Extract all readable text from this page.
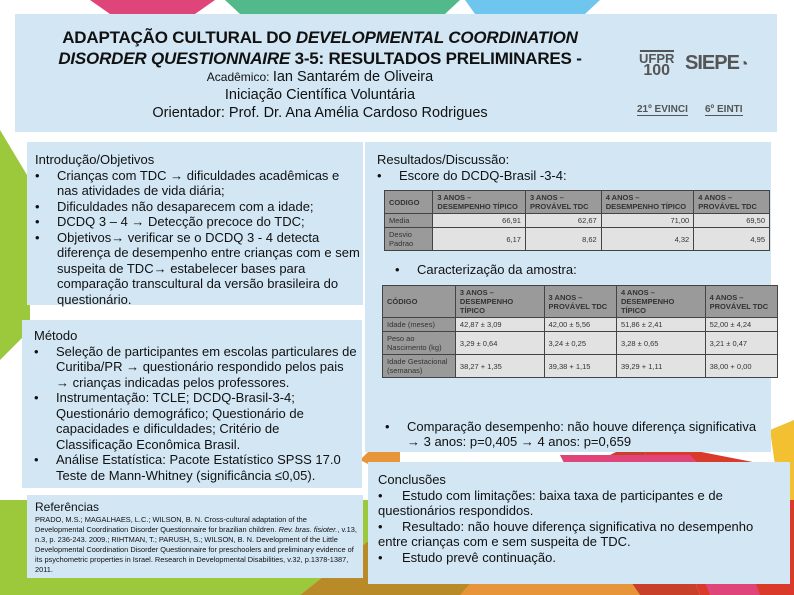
ADAPTAÇÃO CULTURAL DO DEVELOPMENTAL COORDINATION
DISORDER QUESTIONNAIRE 3-5: RESULTADOS PRELIMINARES -
Acadêmico: Ian Santarém de Oliveira
Iniciação Científica Voluntária
Orientador: Prof. Dr. Ana Amélia Cardoso Rodrigues
UFPR
100 SIEPE◔
21º EVINCI 6º EINTI
Introdução/Objetivos
•	Crianças com TDC → dificuldades acadêmicas e nas atividades de vida diária;
•	Dificuldades não desaparecem com a idade;
•	DCDQ 3 – 4 → Detecção precoce do TDC;
•	Objetivos→ verificar se o DCDQ 3 - 4 detecta diferença de desempenho entre crianças com e sem suspeita de TDC→ estabelecer bases para comparação transcultural da versão brasileira do questionário.
Método
•	Seleção de participantes em escolas particulares de Curitiba/PR → questionário respondido pelos pais → crianças indicadas pelos professores.
•	Instrumentação: TCLE; DCDQ-Brasil-3-4; Questionário demográfico; Questionário de capacidades e dificuldades; Critério de Classificação Econômica Brasil.
•	Análise Estatística: Pacote Estatístico SPSS 17.0 Teste de Mann-Whitney (significância ≤0,05).
Referências
PRADO, M.S.; MAGALHAES, L.C.; WILSON, B. N. Cross-cultural adaptation of the Developmental Coordination Disorder Questionnaire for brazilian children. Rev. bras. fisioter., v.13, n.3, p. 236-243. 2009.; RIHTMAN, T.; PARUSH, S.; WILSON, B. N. Development of the Little Developmental Coordination Disorder Questionnaire for preschoolers and preliminary evidence of its psychometric properties in Israel. Research in Developmental Disabilities, v.32, p.1378-1387, 2011.
Resultados/Discussão:
•	Escore do DCDQ-Brasil -3-4:
•	Caracterização da amostra:
•	Comparação desempenho: não houve diferença significativa
→ 3 anos: p=0,405 → 4 anos: p=0,659
CODIGO	3 ANOS – DESEMPENHO TÍPICO	3 ANOS – PROVÁVEL TDC	4 ANOS – DESEMPENHO TÍPICO	4 ANOS – PROVÁVEL TDC
Media	66,91	62,67	71,00	69,50
Desvio Padrao	6,17	8,62	4,32	4,95
CÓDIGO	3 ANOS – DESEMPENHO TÍPICO	3 ANOS – PROVÁVEL TDC	4 ANOS – DESEMPENHO TÍPICO	4 ANOS – PROVÁVEL TDC
Idade (meses)	42,87 ± 3,09	42,00 ± 5,56	51,86 ± 2,41	52,00 ± 4,24
Peso ao Nascimento (kg)	3,29 ± 0,64	3,24 ± 0,25	3,28 ± 0,65	3,21 ± 0,47
Idade Gestacional (semanas)	38,27 + 1,35	39,38 + 1,15	39,29 + 1,11	38,00 + 0,00
Conclusões
• Estudo com limitações: baixa taxa de participantes e de questionários respondidos.
• Resultado: não houve diferença significativa no desempenho entre crianças com e sem suspeita de TDC.
• Estudo prevê continuação.
